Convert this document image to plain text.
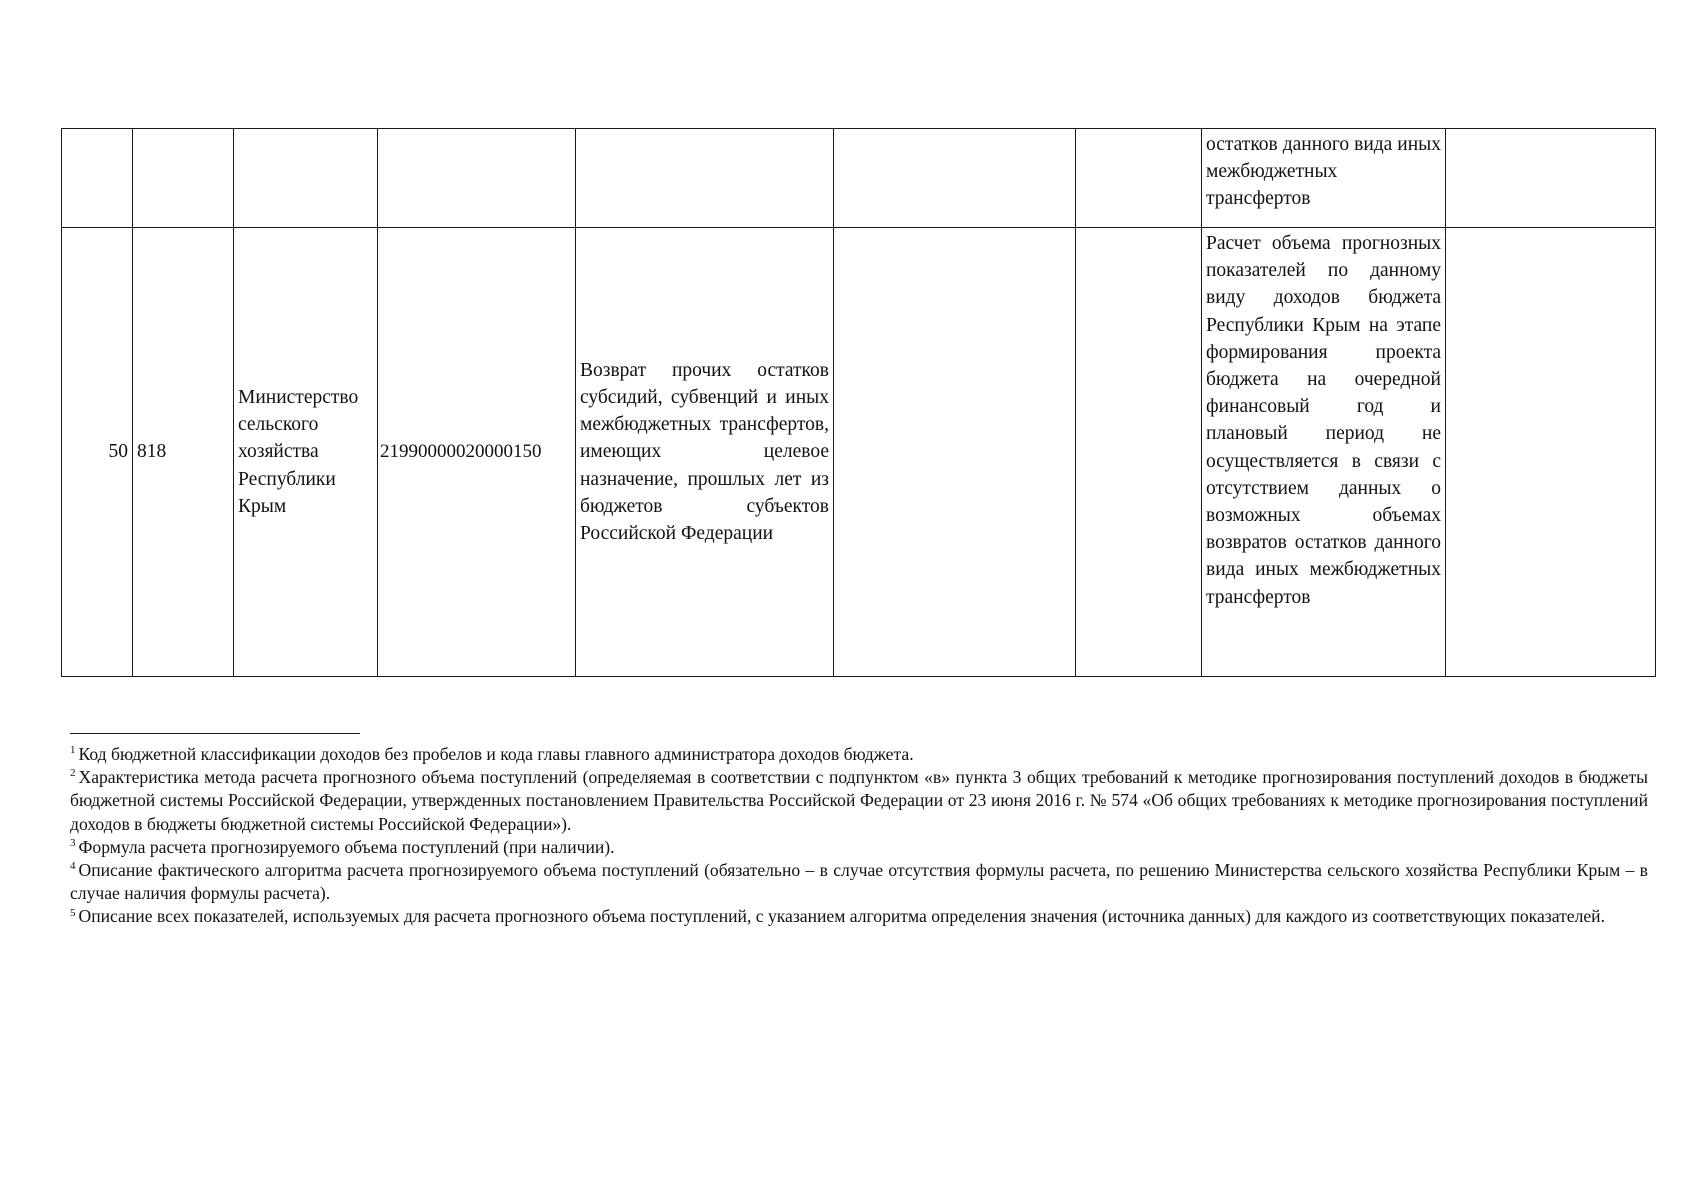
							остатков данного вида иных межбюджетных трансфертов	
50	818	Министерство сельского хозяйства Республики Крым	21990000020000150	Возврат прочих остатков субсидий, субвенций и иных межбюджетных трансфертов, имеющих целевое назначение, прошлых лет из бюджетов субъектов Российской Федерации			Расчет объема прогнозных показателей по данному виду доходов бюджета Республики Крым на этапе формирования проекта бюджета на очередной финансовый год и плановый период не осуществляется в связи с отсутствием данных о возможных объемах возвратов остатков данного вида иных межбюджетных трансфертов	

$^1$ Код бюджетной классификации доходов без пробелов и кода главы главного администратора доходов бюджета.

$^2$ Характеристика метода расчета прогнозного объема поступлений (определяемая в соответствии с подпунктом «в» пункта 3 общих требований к методике прогнозирования поступлений доходов в бюджеты бюджетной системы Российской Федерации, утвержденных постановлением Правительства Российской Федерации от 23 июня 2016 г. № 574 «Об общих требованиях к методике прогнозирования поступлений доходов в бюджеты бюджетной системы Российской Федерации»).

$^3$ Формула расчета прогнозируемого объема поступлений (при наличии).

$^4$ Описание фактического алгоритма расчета прогнозируемого объема поступлений (обязательно – в случае отсутствия формулы расчета, по решению Министерства сельского хозяйства Республики Крым – в случае наличия формулы расчета).

$^5$ Описание всех показателей, используемых для расчета прогнозного объема поступлений, с указанием алгоритма определения значения (источника данных) для каждого из соответствующих показателей.
